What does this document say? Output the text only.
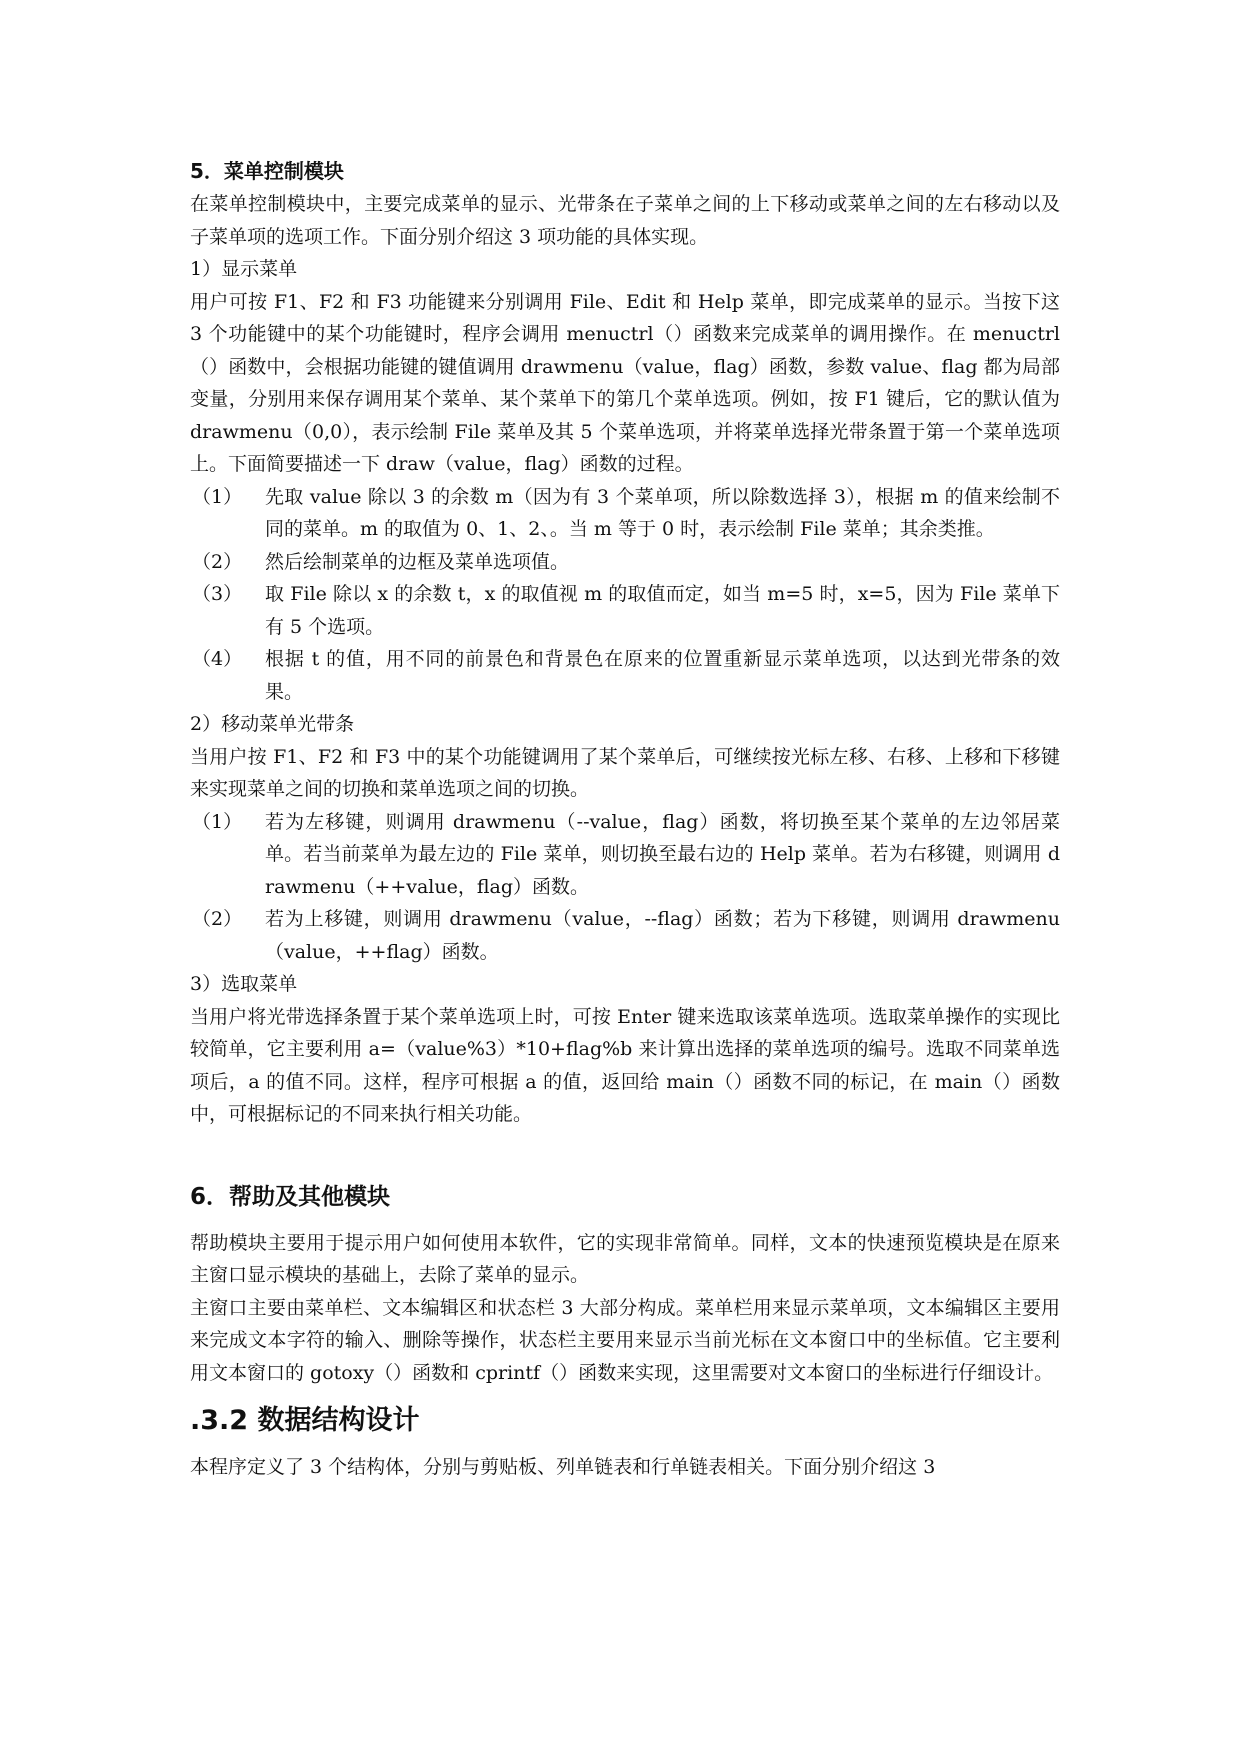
5．菜单控制模块

在菜单控制模块中，主要完成菜单的显示、光带条在子菜单之间的上下移动或菜单之间的左右移动以及子菜单项的选项工作。下面分别介绍这 3 项功能的具体实现。

1）显示菜单

用户可按 F1、F2 和 F3 功能键来分别调用 File、Edit 和 Help 菜单，即完成菜单的显示。当按下这 3 个功能键中的某个功能键时，程序会调用 menuctrl（）函数来完成菜单的调用操作。在 menuctrl（）函数中，会根据功能键的键值调用 drawmenu（value，flag）函数，参数 value、flag 都为局部变量，分别用来保存调用某个菜单、某个菜单下的第几个菜单选项。例如，按 F1 键后，它的默认值为 drawmenu（0,0），表示绘制 File 菜单及其 5 个菜单选项，并将菜单选择光带条置于第一个菜单选项上。下面简要描述一下 draw（value，flag）函数的过程。

（1）	先取 value 除以 3 的余数 m（因为有 3 个菜单项，所以除数选择 3），根据 m 的值来绘制不同的菜单。m 的取值为 0、1、2、。当 m 等于 0 时，表示绘制 File 菜单；其余类推。
（2）	然后绘制菜单的边框及菜单选项值。
（3）	取 File 除以 x 的余数 t，x 的取值视 m 的取值而定，如当 m=5 时，x=5，因为 File 菜单下有 5 个选项。
（4）	根据 t 的值，用不同的前景色和背景色在原来的位置重新显示菜单选项，以达到光带条的效果。

2）移动菜单光带条

当用户按 F1、F2 和 F3 中的某个功能键调用了某个菜单后，可继续按光标左移、右移、上移和下移键来实现菜单之间的切换和菜单选项之间的切换。

（1）	若为左移键，则调用 drawmenu（--value，flag）函数，将切换至某个菜单的左边邻居菜单。若当前菜单为最左边的 File 菜单，则切换至最右边的 Help 菜单。若为右移键，则调用 drawmenu（++value，flag）函数。
（2）	若为上移键，则调用 drawmenu（value，--flag）函数；若为下移键，则调用 drawmenu（value，++flag）函数。

3）选取菜单

当用户将光带选择条置于某个菜单选项上时，可按 Enter 键来选取该菜单选项。选取菜单操作的实现比较简单，它主要利用 a=（value%3）*10+flag%b 来计算出选择的菜单选项的编号。选取不同菜单选项后，a 的值不同。这样，程序可根据 a 的值，返回给 main（）函数不同的标记，在 main（）函数中，可根据标记的不同来执行相关功能。

6．帮助及其他模块

帮助模块主要用于提示用户如何使用本软件，它的实现非常简单。同样，文本的快速预览模块是在原来主窗口显示模块的基础上，去除了菜单的显示。

主窗口主要由菜单栏、文本编辑区和状态栏 3 大部分构成。菜单栏用来显示菜单项，文本编辑区主要用来完成文本字符的输入、删除等操作，状态栏主要用来显示当前光标在文本窗口中的坐标值。它主要利用文本窗口的 gotoxy（）函数和 cprintf（）函数来实现，这里需要对文本窗口的坐标进行仔细设计。

.3.2 数据结构设计

本程序定义了 3 个结构体，分别与剪贴板、列单链表和行单链表相关。下面分别介绍这 3
